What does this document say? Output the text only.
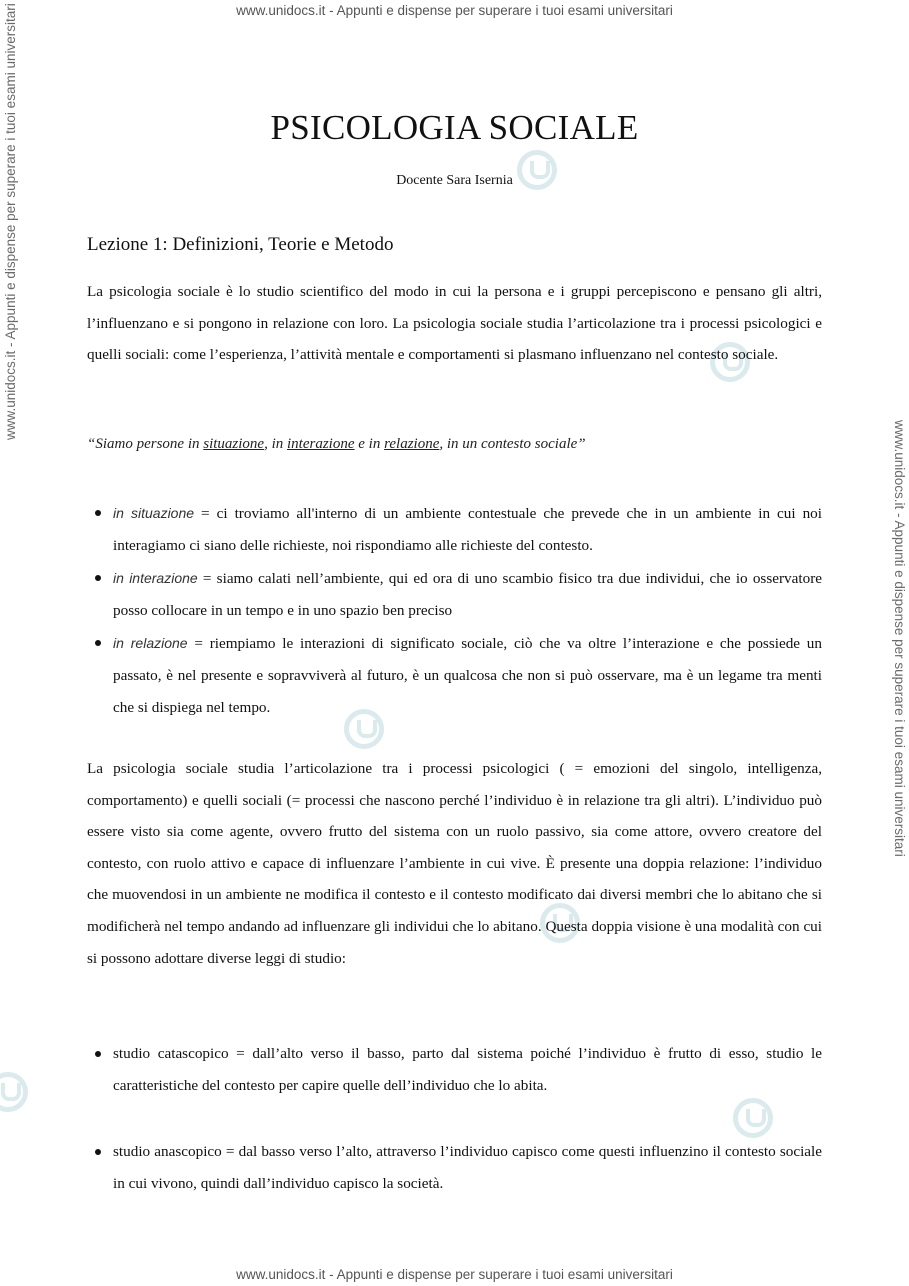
www.unidocs.it - Appunti e dispense per superare i tuoi esami universitari
www.unidocs.it - Appunti e dispense per superare i tuoi esami universitari
www.unidocs.it - Appunti e dispense per superare i tuoi esami universitari
www.unidocs.it - Appunti e dispense per superare i tuoi esami universitari
PSICOLOGIA SOCIALE
Docente Sara Isernia
Lezione 1: Definizioni, Teorie e Metodo

La psicologia sociale è lo studio scientifico del modo in cui la persona e i gruppi percepiscono e pensano gli altri, l’influenzano e si pongono in relazione con loro. La psicologia sociale studia l’articolazione tra i processi psicologici e quelli sociali: come l’esperienza, l’attività mentale e comportamenti si plasmano influenzano nel contesto sociale.

“Siamo persone in situazione, in interazione e in relazione, in un contesto sociale”
in situazione = ci troviamo all'interno di un ambiente contestuale che prevede che in un ambiente in cui noi interagiamo ci siano delle richieste, noi rispondiamo alle richieste del contesto.
in interazione = siamo calati nell’ambiente, qui ed ora di uno scambio fisico tra due individui, che io osservatore posso collocare in un tempo e in uno spazio ben preciso
in relazione = riempiamo le interazioni di significato sociale, ciò che va oltre l’interazione e che possiede un passato, è nel presente e sopravviverà al futuro, è un qualcosa che non si può osservare, ma è un legame tra menti che si dispiega nel tempo.

La psicologia sociale studia l’articolazione tra i processi psicologici ( = emozioni del singolo, intelligenza, comportamento) e quelli sociali (= processi che nascono perché l’individuo è in relazione tra gli altri). L’individuo può essere visto sia come agente, ovvero frutto del sistema con un ruolo passivo, sia come attore, ovvero creatore del contesto, con ruolo attivo e capace di influenzare l’ambiente in cui vive. È presente una doppia relazione: l’individuo che muovendosi in un ambiente ne modifica il contesto e il contesto modificato dai diversi membri che lo abitano che si modificherà nel tempo andando ad influenzare gli individui che lo abitano. Questa doppia visione è una modalità con cui si possono adottare diverse leggi di studio:

studio catascopico = dall’alto verso il basso, parto dal sistema poiché l’individuo è frutto di esso, studio le caratteristiche del contesto per capire quelle dell’individuo che lo abita.
studio anascopico = dal basso verso l’alto, attraverso l’individuo capisco come questi influenzino il contesto sociale in cui vivono, quindi dall’individuo capisco la società.
